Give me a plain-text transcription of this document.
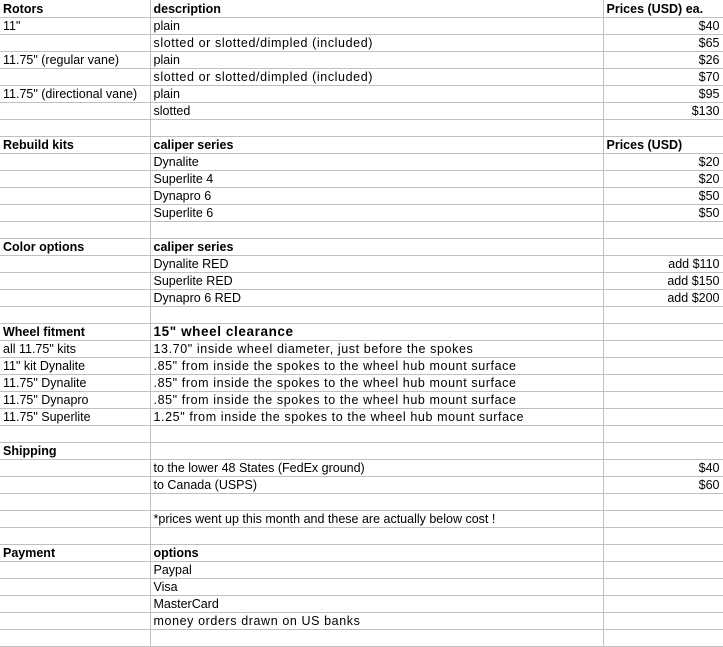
Rotors	description	Prices (USD) ea.
11"	plain	$40
	slotted or slotted/dimpled (included)	$65
11.75" (regular vane)	plain	$26
	slotted or slotted/dimpled (included)	$70
11.75" (directional vane)	plain	$95
	slotted	$130

Rebuild kits	caliper series	Prices (USD)
	Dynalite	$20
	Superlite 4	$20
	Dynapro 6	$50
	Superlite 6	$50

Color options	caliper series	
	Dynalite RED	add $110
	Superlite RED	add $150
	Dynapro 6 RED	add $200

Wheel fitment	15" wheel clearance	
all 11.75" kits	13.70" inside wheel diameter, just before the spokes	
11" kit Dynalite	.85" from inside the spokes to the wheel hub mount surface	
11.75" Dynalite	.85" from inside the spokes to the wheel hub mount surface	
11.75" Dynapro	.85" from inside the spokes to the wheel hub mount surface	
11.75" Superlite	1.25" from inside the spokes to the wheel hub mount surface	

Shipping		
	to the lower 48 States (FedEx ground)	$40
	to Canada (USPS)	$60

	*prices went up this month and these are actually below cost !	

Payment	options	
	Paypal	
	Visa	
	MasterCard	
	money orders drawn on US banks	
